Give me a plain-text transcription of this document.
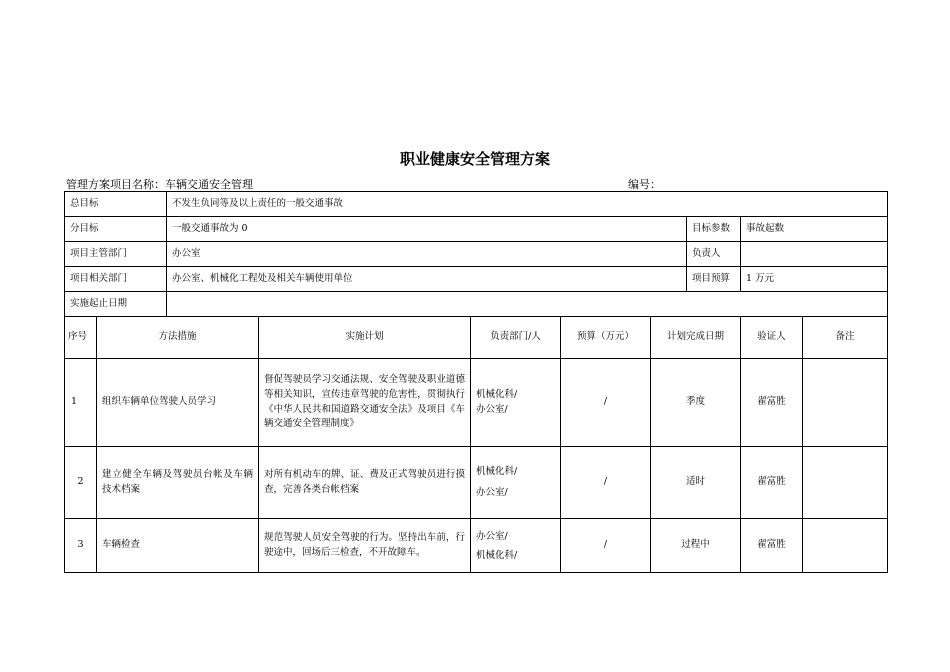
职业健康安全管理方案
管理方案项目名称：车辆交通安全管理	编号：
总目标		不发生负同等及以上责任的一般交通事故							
分目标		一般交通事故为 0					目标参数	事故起数	
项目主管部门		办公室					负责人		
项目相关部门		办公室、机械化工程处及相关车辆使用单位					项目预算	1 万元	
实施起止日期									
序号	方法措施		实施计划	负责部门/人	预算（万元）	计划完成日期		验证人	备注
1	组织车辆单位驾驶人员学习		督促驾驶员学习交通法规、安全驾驶及职业道德等相关知识，宣传违章驾驶的危害性，贯彻执行《中华人民共和国道路交通安全法》及项目《车辆交通安全管理制度》	机械化科/
办公室/	/	季度		翟富胜	
2	建立健全车辆及驾驶员台帐及车辆技术档案		对所有机动车的牌、证、费及正式驾驶员进行摸查，完善各类台帐档案	机械化科/
办公室/	/	适时		翟富胜	
3	车辆检查		规范驾驶人员安全驾驶的行为。坚持出车前，行驶途中，回场后三检查，不开故障车。	办公室/
机械化科/	/	过程中		翟富胜	
